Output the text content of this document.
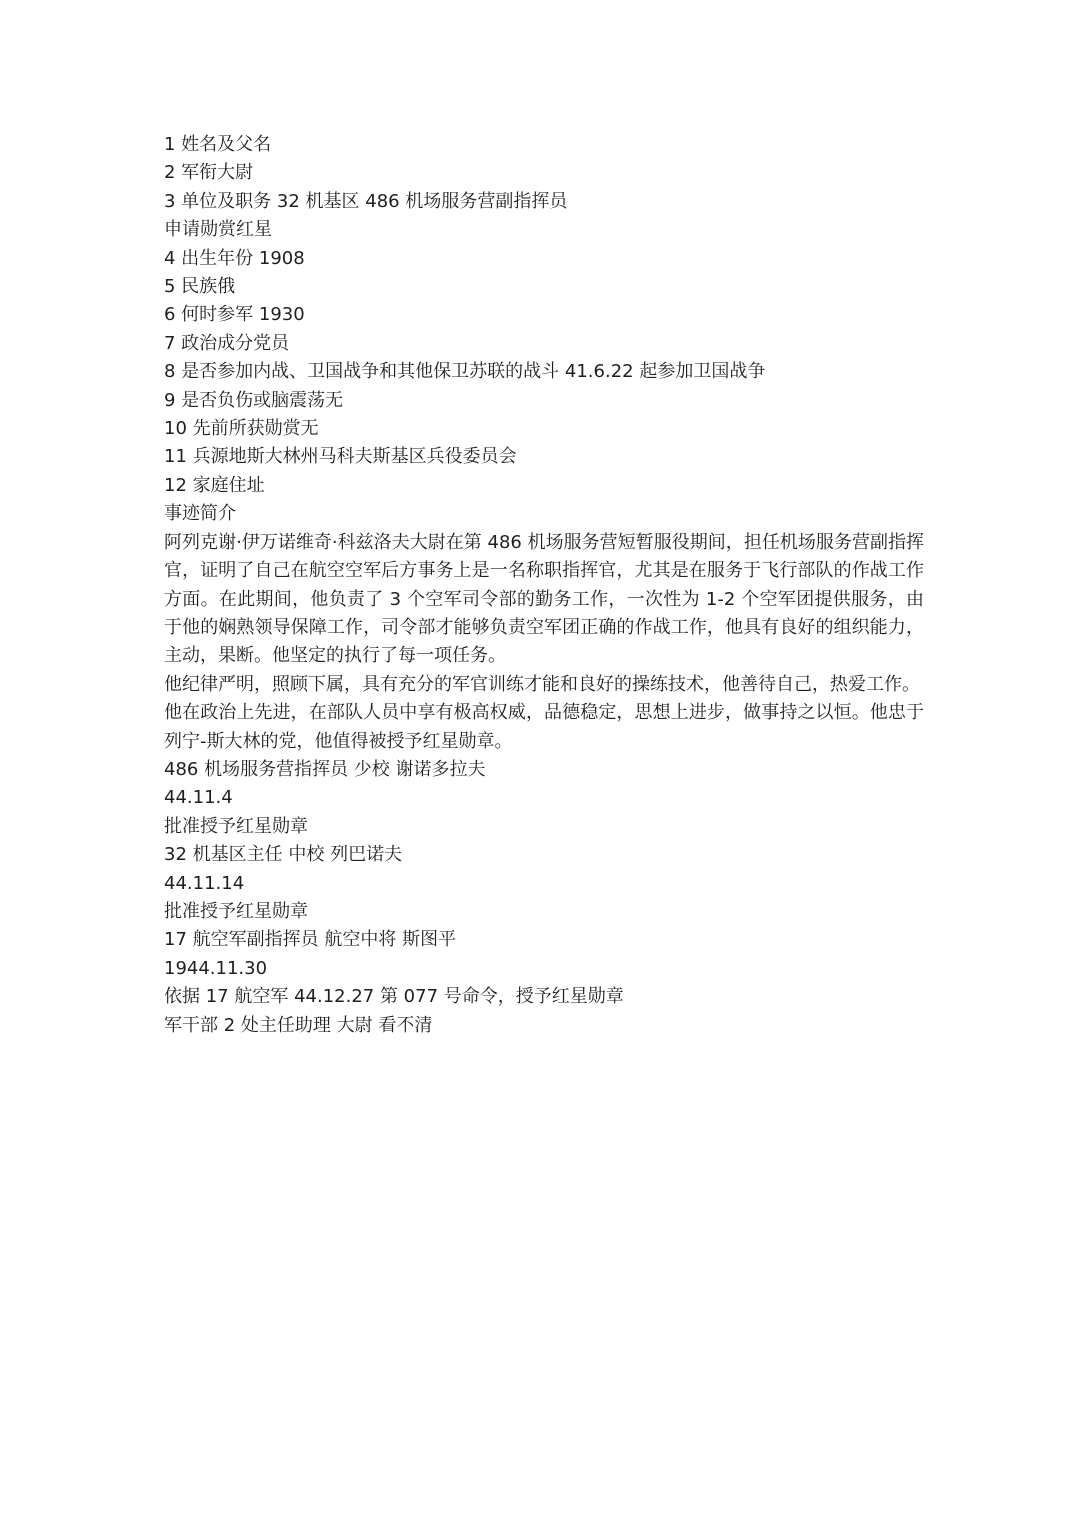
1 姓名及父名
2 军衔大尉
3 单位及职务 32 机基区 486 机场服务营副指挥员
申请勋赏红星
4 出生年份 1908
5 民族俄
6 何时参军 1930
7 政治成分党员
8 是否参加内战、卫国战争和其他保卫苏联的战斗 41.6.22 起参加卫国战争
9 是否负伤或脑震荡无
10 先前所获勋赏无
11 兵源地斯大林州马科夫斯基区兵役委员会
12 家庭住址
事迹简介
阿列克谢·伊万诺维奇·科兹洛夫大尉在第 486 机场服务营短暂服役期间，担任机场服务营副指挥官，证明了自己在航空空军后方事务上是一名称职指挥官，尤其是在服务于飞行部队的作战工作方面。在此期间，他负责了 3 个空军司令部的勤务工作，一次性为 1-2 个空军团提供服务，由于他的娴熟领导保障工作，司令部才能够负责空军团正确的作战工作，他具有良好的组织能力，主动，果断。他坚定的执行了每一项任务。
他纪律严明，照顾下属，具有充分的军官训练才能和良好的操练技术，他善待自己，热爱工作。
他在政治上先进，在部队人员中享有极高权威，品德稳定，思想上进步，做事持之以恒。他忠于列宁-斯大林的党，他值得被授予红星勋章。
486 机场服务营指挥员 少校 谢诺多拉夫
44.11.4
批准授予红星勋章
32 机基区主任 中校 列巴诺夫
44.11.14
批准授予红星勋章
17 航空军副指挥员 航空中将 斯图平
1944.11.30
依据 17 航空军 44.12.27 第 077 号命令，授予红星勋章
军干部 2 处主任助理 大尉 看不清
